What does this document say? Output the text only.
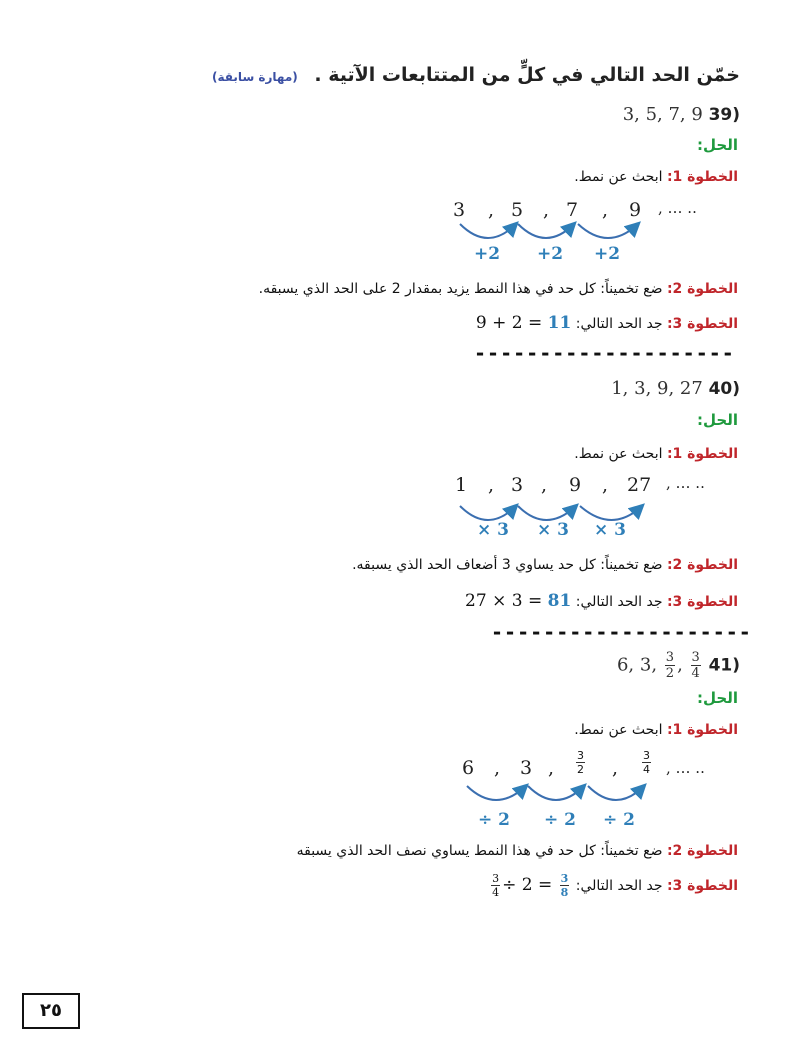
خمّن الحد التالي في كلٍّ من المتتابعات الآتية . (مهارة سابقة)
3, 5, 7, 9 39)
الحل:
الخطوة 1: ابحث عن نمط.
3 , 5 , 7 , 9 , … ..
+2 +2 +2
الخطوة 2: ضع تخميناً: كل حد في هذا النمط يزيد بمقدار 2 على الحد الذي يسبقه.
الخطوة 3: جد الحد التالي: 9 + 2 = 11
--------------------
1, 3, 9, 27 40)
الحل:
الخطوة 1: ابحث عن نمط.
1 , 3 , 9 , 27 , … ..
× 3 × 3 × 3
الخطوة 2: ضع تخميناً: كل حد يساوي 3 أضعاف الحد الذي يسبقه.
الخطوة 3: جد الحد التالي: 27 × 3 = 81
--------------------
6, 3, $\frac{3}{2}$ , $\frac{3}{4} 41$)
الحل:
الخطوة 1: ابحث عن نمط.
6 , 3 , $\frac{3}{2}$ , $\frac{3}{4}$ , … ..
÷ 2 ÷ 2 ÷ 2
الخطوة 2: ضع تخميناً: كل حد في هذا النمط يساوي نصف الحد الذي يسبقه
الخطوة 3: جد الحد التالي:
$\frac{3}{4} \div 2 = \frac{3}{8}$
٢٥
